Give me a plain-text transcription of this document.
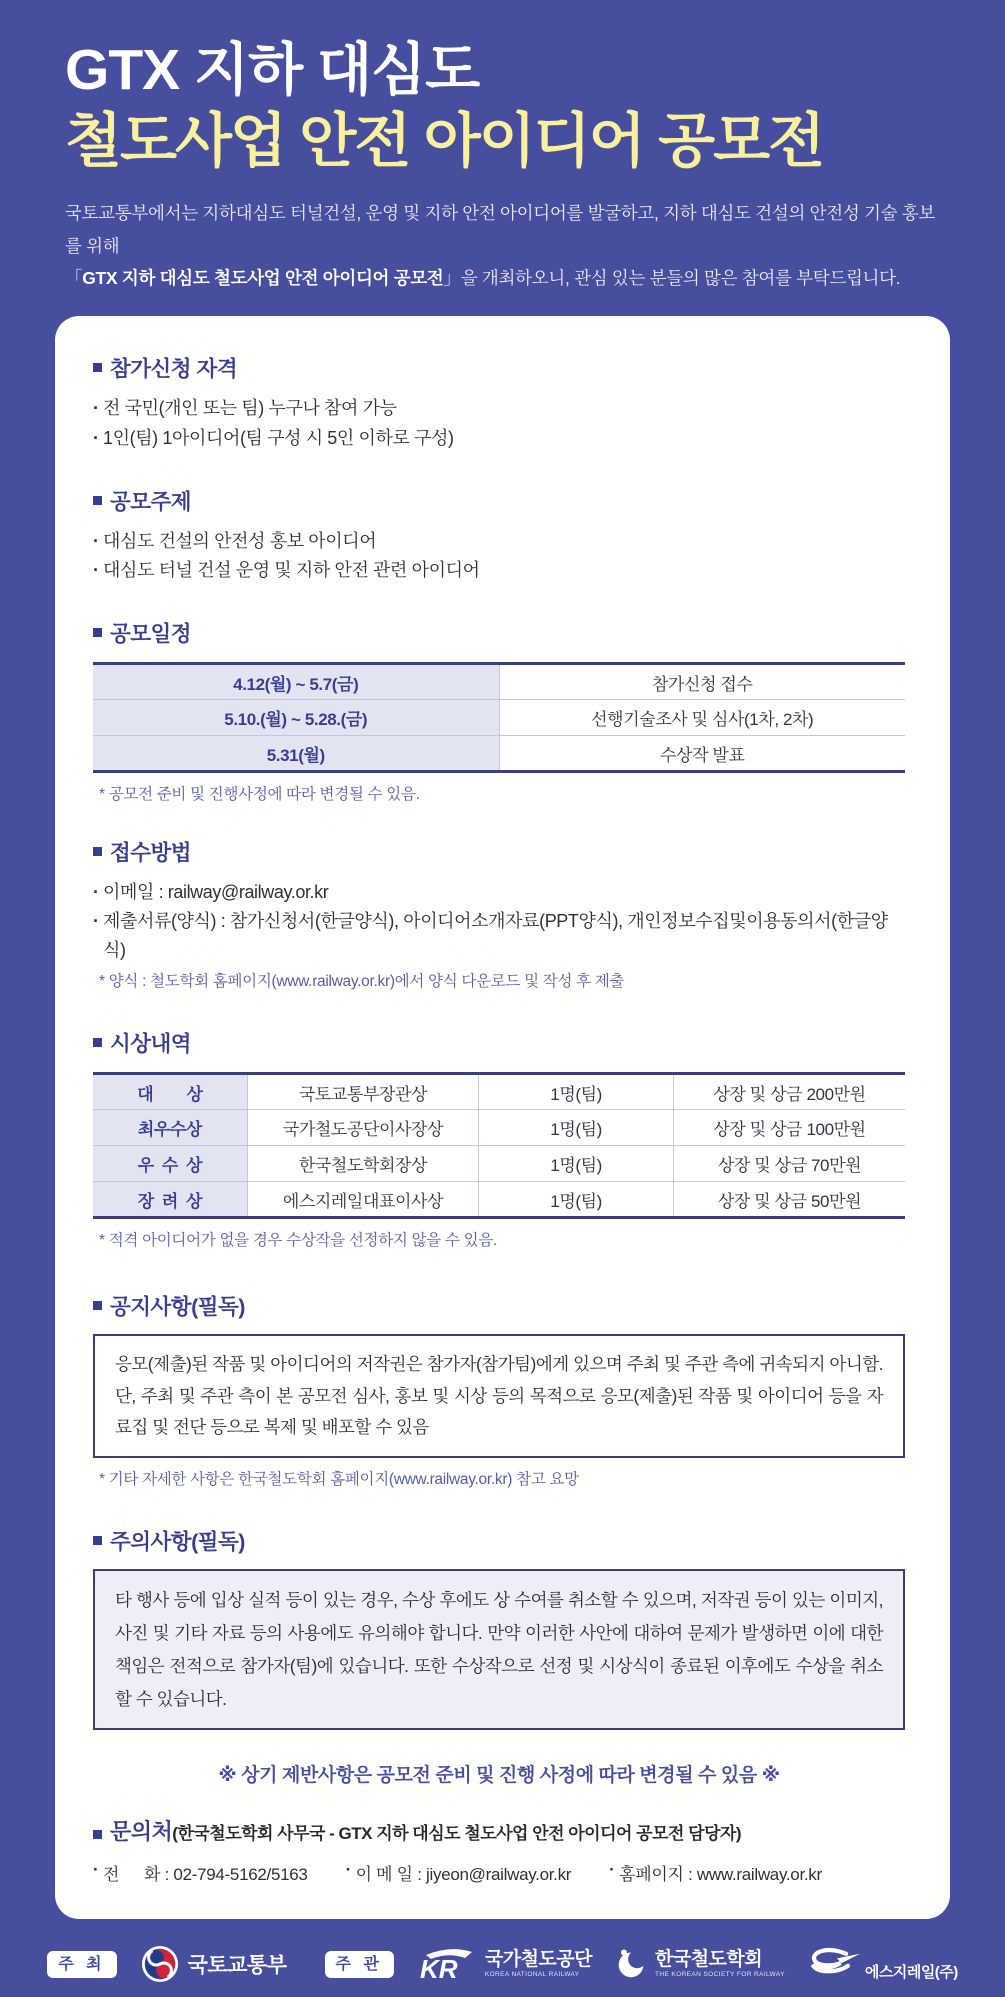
GTX 지하 대심도
철도사업 안전 아이디어 공모전

국토교통부에서는 지하대심도 터널건설, 운영 및 지하 안전 아이디어를 발굴하고, 지하 대심도 건설의 안전성 기술 홍보를 위해
「GTX 지하 대심도 철도사업 안전 아이디어 공모전」을 개최하오니, 관심 있는 분들의 많은 참여를 부탁드립니다.

참가신청 자격
· 전 국민(개인 또는 팀) 누구나 참여 가능
· 1인(팀) 1아이디어(팀 구성 시 5인 이하로 구성)
공모주제
· 대심도 건설의 안전성 홍보 아이디어
· 대심도 터널 건설 운영 및 지하 안전 관련 아이디어
공모일정
4.12(월) ~ 5.7(금)	참가신청 접수
5.10.(월) ~ 5.28.(금)	선행기술조사 및 심사(1차, 2차)
5.31(월)	수상작 발표
* 공모전 준비 및 진행사정에 따라 변경될 수 있음.
접수방법
· 이메일 : railway@railway.or.kr
· 제출서류(양식) : 참가신청서(한글양식), 아이디어소개자료(PPT양식), 개인정보수집및이용동의서(한글양식)
* 양식 : 철도학회 홈페이지(www.railway.or.kr)에서 양식 다운로드 및 작성 후 제출
시상내역
대  상	국토교통부장관상	1명(팀)	상장 및 상금 200만원
최우수상	국가철도공단이사장상	1명(팀)	상장 및 상금 100만원
우 수 상	한국철도학회장상	1명(팀)	상장 및 상금 70만원
장 려 상	에스지레일대표이사상	1명(팀)	상장 및 상금 50만원
* 적격 아이디어가 없을 경우 수상작을 선정하지 않을 수 있음.
공지사항(필독)
응모(제출)된 작품 및 아이디어의 저작권은 참가자(참가팀)에게 있으며 주최 및 주관 측에 귀속되지 아니함. 단, 주최 및 주관 측이 본 공모전 심사, 홍보 및 시상 등의 목적으로 응모(제출)된 작품 및 아이디어 등을 자료집 및 전단 등으로 복제 및 배포할 수 있음
* 기타 자세한 사항은 한국철도학회 홈페이지(www.railway.or.kr) 참고 요망
주의사항(필독)
타 행사 등에 입상 실적 등이 있는 경우, 수상 후에도 상 수여를 취소할 수 있으며, 저작권 등이 있는 이미지, 사진 및 기타 자료 등의 사용에도 유의해야 합니다. 만약 이러한 사안에 대하여 문제가 발생하면 이에 대한 책임은 전적으로 참가자(팀)에 있습니다. 또한 수상작으로 선정 및 시상식이 종료된 이후에도 수상을 취소할 수 있습니다.
※ 상기 제반사항은 공모전 준비 및 진행 사정에 따라 변경될 수 있음 ※
문의처 (한국철도학회 사무국 - GTX 지하 대심도 철도사업 안전 아이디어 공모전 담당자)
· 전  화 : 02-794-5162/5163	· 이 메 일 : jiyeon@railway.or.kr	· 홈페이지 : www.railway.or.kr
주 최	국토교통부	주 관	KR 국가철도공단
KOREA NATIONAL RAILWAY
한국철도학회
THE KOREAN SOCIETY FOR RAILWAY	에스지레일(주)
